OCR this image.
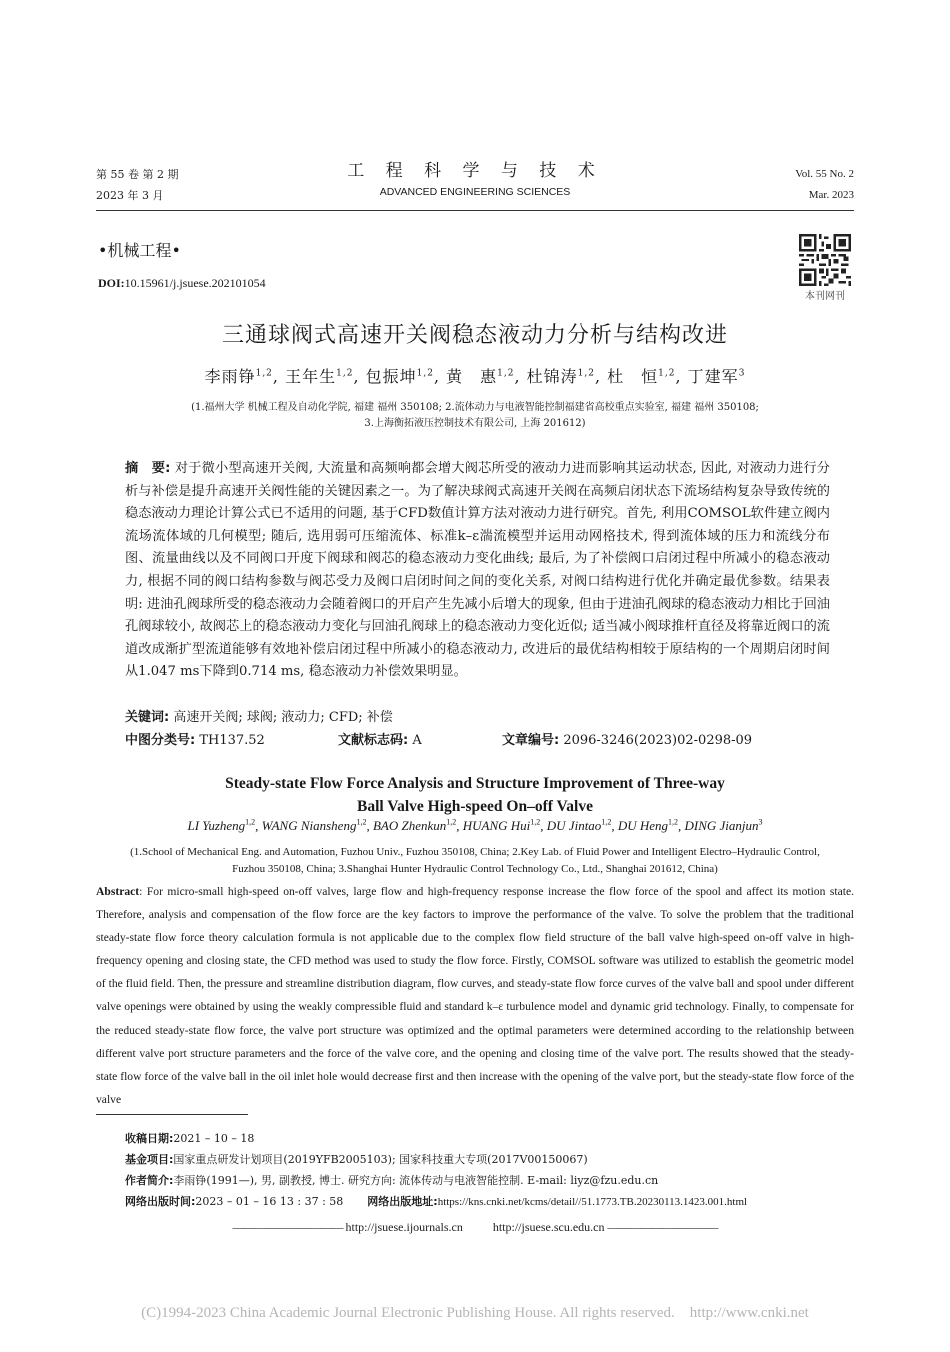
第 55 卷 第 2 期
2023 年 3 月
工 程 科 学 与 技 术
ADVANCED ENGINEERING SCIENCES
Vol. 55 No. 2
Mar. 2023
•机械工程•
DOI:10.15961/j.jsuese.202101054
本刊网刊
三通球阀式高速开关阀稳态液动力分析与结构改进
李雨铮$^{1,2}$, 王年生$^{1,2}$, 包振坤$^{1,2}$, 黄　惠$^{1,2}$, 杜锦涛$^{1,2}$, 杜　恒$^{1,2}$, 丁建军$^3$
(1.福州大学 机械工程及自动化学院, 福建 福州 350108; 2.流体动力与电液智能控制福建省高校重点实验室, 福建 福州 350108;
3.上海衡拓液压控制技术有限公司, 上海 201612)
摘　要: 对于微小型高速开关阀, 大流量和高频响都会增大阀芯所受的液动力进而影响其运动状态, 因此, 对液动力进行分析与补偿是提升高速开关阀性能的关键因素之一。为了解决球阀式高速开关阀在高频启闭状态下流场结构复杂导致传统的稳态液动力理论计算公式已不适用的问题, 基于CFD数值计算方法对液动力进行研究。首先, 利用COMSOL软件建立阀内流场流体域的几何模型; 随后, 选用弱可压缩流体、标准k–ε湍流模型并运用动网格技术, 得到流体域的压力和流线分布图、流量曲线以及不同阀口开度下阀球和阀芯的稳态液动力变化曲线; 最后, 为了补偿阀口启闭过程中所减小的稳态液动力, 根据不同的阀口结构参数与阀芯受力及阀口启闭时间之间的变化关系, 对阀口结构进行优化并确定最优参数。结果表明: 进油孔阀球所受的稳态液动力会随着阀口的开启产生先减小后增大的现象, 但由于进油孔阀球的稳态液动力相比于回油孔阀球较小, 故阀芯上的稳态液动力变化与回油孔阀球上的稳态液动力变化近似; 适当减小阀球推杆直径及将靠近阀口的流道改成渐扩型流道能够有效地补偿启闭过程中所减小的稳态液动力, 改进后的最优结构相较于原结构的一个周期启闭时间从1.047 ms下降到0.714 ms, 稳态液动力补偿效果明显。
关键词: 高速开关阀; 球阀; 液动力; CFD; 补偿
中图分类号: TH137.52	文献标志码: A	文章编号: 2096-3246(2023)02-0298-09
Steady-state Flow Force Analysis and Structure Improvement of Three-way
Ball Valve High-speed On–off Valve
LI Yuzheng$^{1,2}$, WANG Niansheng$^{1,2}$, BAO Zhenkun$^{1,2}$, HUANG Hui$^{1,2}$, DU Jintao$^{1,2}$, DU Heng$^{1,2}$, DING Jianjun$^3$
(1.School of Mechanical Eng. and Automation, Fuzhou Univ., Fuzhou 350108, China; 2.Key Lab. of Fluid Power and Intelligent Electro–Hydraulic Control,
Fuzhou 350108, China; 3.Shanghai Hunter Hydraulic Control Technology Co., Ltd., Shanghai 201612, China)
Abstract: For micro-small high-speed on-off valves, large flow and high-frequency response increase the flow force of the spool and affect its motion state. Therefore, analysis and compensation of the flow force are the key factors to improve the performance of the valve. To solve the problem that the traditional steady-state flow force theory calculation formula is not applicable due to the complex flow field structure of the ball valve high-speed on-off valve in high-frequency opening and closing state, the CFD method was used to study the flow force. Firstly, COMSOL software was utilized to establish the geometric model of the fluid field. Then, the pressure and streamline distribution diagram, flow curves, and steady-state flow force curves of the valve ball and spool under different valve openings were obtained by using the weakly compressible fluid and standard k–ε turbulence model and dynamic grid technology. Finally, to compensate for the reduced steady-state flow force, the valve port structure was optimized and the optimal parameters were determined according to the relationship between different valve port structure parameters and the force of the valve core, and the opening and closing time of the valve port. The results showed that the steady-state flow force of the valve ball in the oil inlet hole would decrease first and then increase with the opening of the valve port, but the steady-state flow force of the valve
收稿日期:2021 – 10 – 18
基金项目:国家重点研发计划项目(2019YFB2005103); 国家科技重大专项(2017V00150067)
作者简介:李雨铮(1991—), 男, 副教授, 博士. 研究方向: 流体传动与电液智能控制. E-mail: liyz@fzu.edu.cn
网络出版时间:2023 – 01 – 16 13 : 37 : 58 网络出版地址:https://kns.cnki.net/kcms/detail//51.1773.TB.20230113.1423.001.html
—————————— http://jsuese.ijournals.cn	http://jsuese.scu.edu.cn ——————————
(C)1994-2023 China Academic Journal Electronic Publishing House. All rights reserved.    http://www.cnki.net
